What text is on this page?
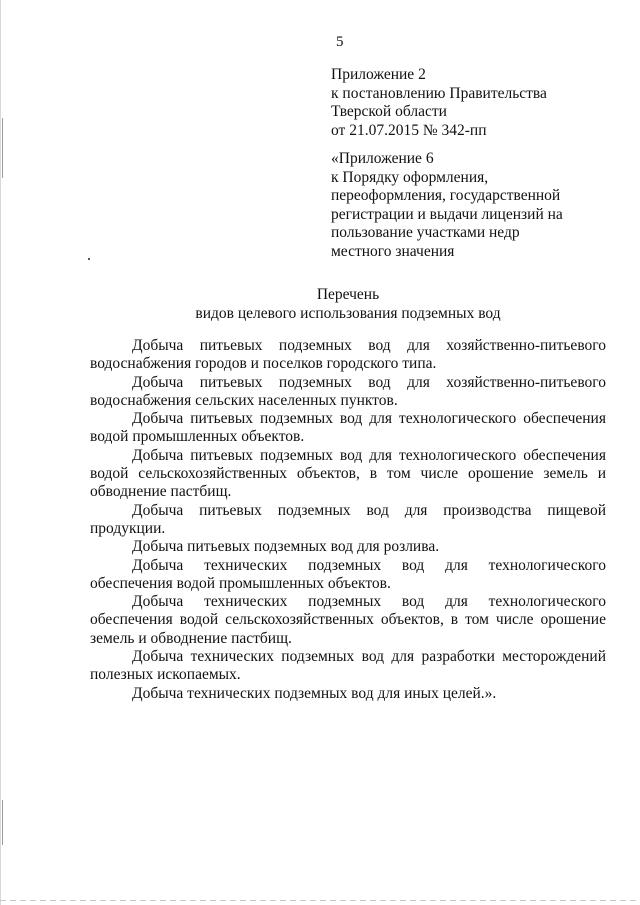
5
Приложение 2
к постановлению Правительства
Тверской области
от 21.07.2015 № 342-пп
«Приложение 6
к Порядку оформления,
переоформления, государственной
регистрации и выдачи лицензий на
пользование участками недр
местного значения
Перечень
видов целевого использования подземных вод

Добыча питьевых подземных вод для хозяйственно-питьевого водоснабжения городов и поселков городского типа.

Добыча питьевых подземных вод для хозяйственно-питьевого водоснабжения сельских населенных пунктов.

Добыча питьевых подземных вод для технологического обеспечения водой промышленных объектов.

Добыча питьевых подземных вод для технологического обеспечения водой сельскохозяйственных объектов, в том числе орошение земель и обводнение пастбищ.

Добыча питьевых подземных вод для производства пищевой продукции.

Добыча питьевых подземных вод для розлива.

Добыча технических подземных вод для технологического обеспечения водой промышленных объектов.

Добыча технических подземных вод для технологического обеспечения водой сельскохозяйственных объектов, в том числе орошение земель и обводнение пастбищ.

Добыча технических подземных вод для разработки месторождений полезных ископаемых.

Добыча технических подземных вод для иных целей.».
